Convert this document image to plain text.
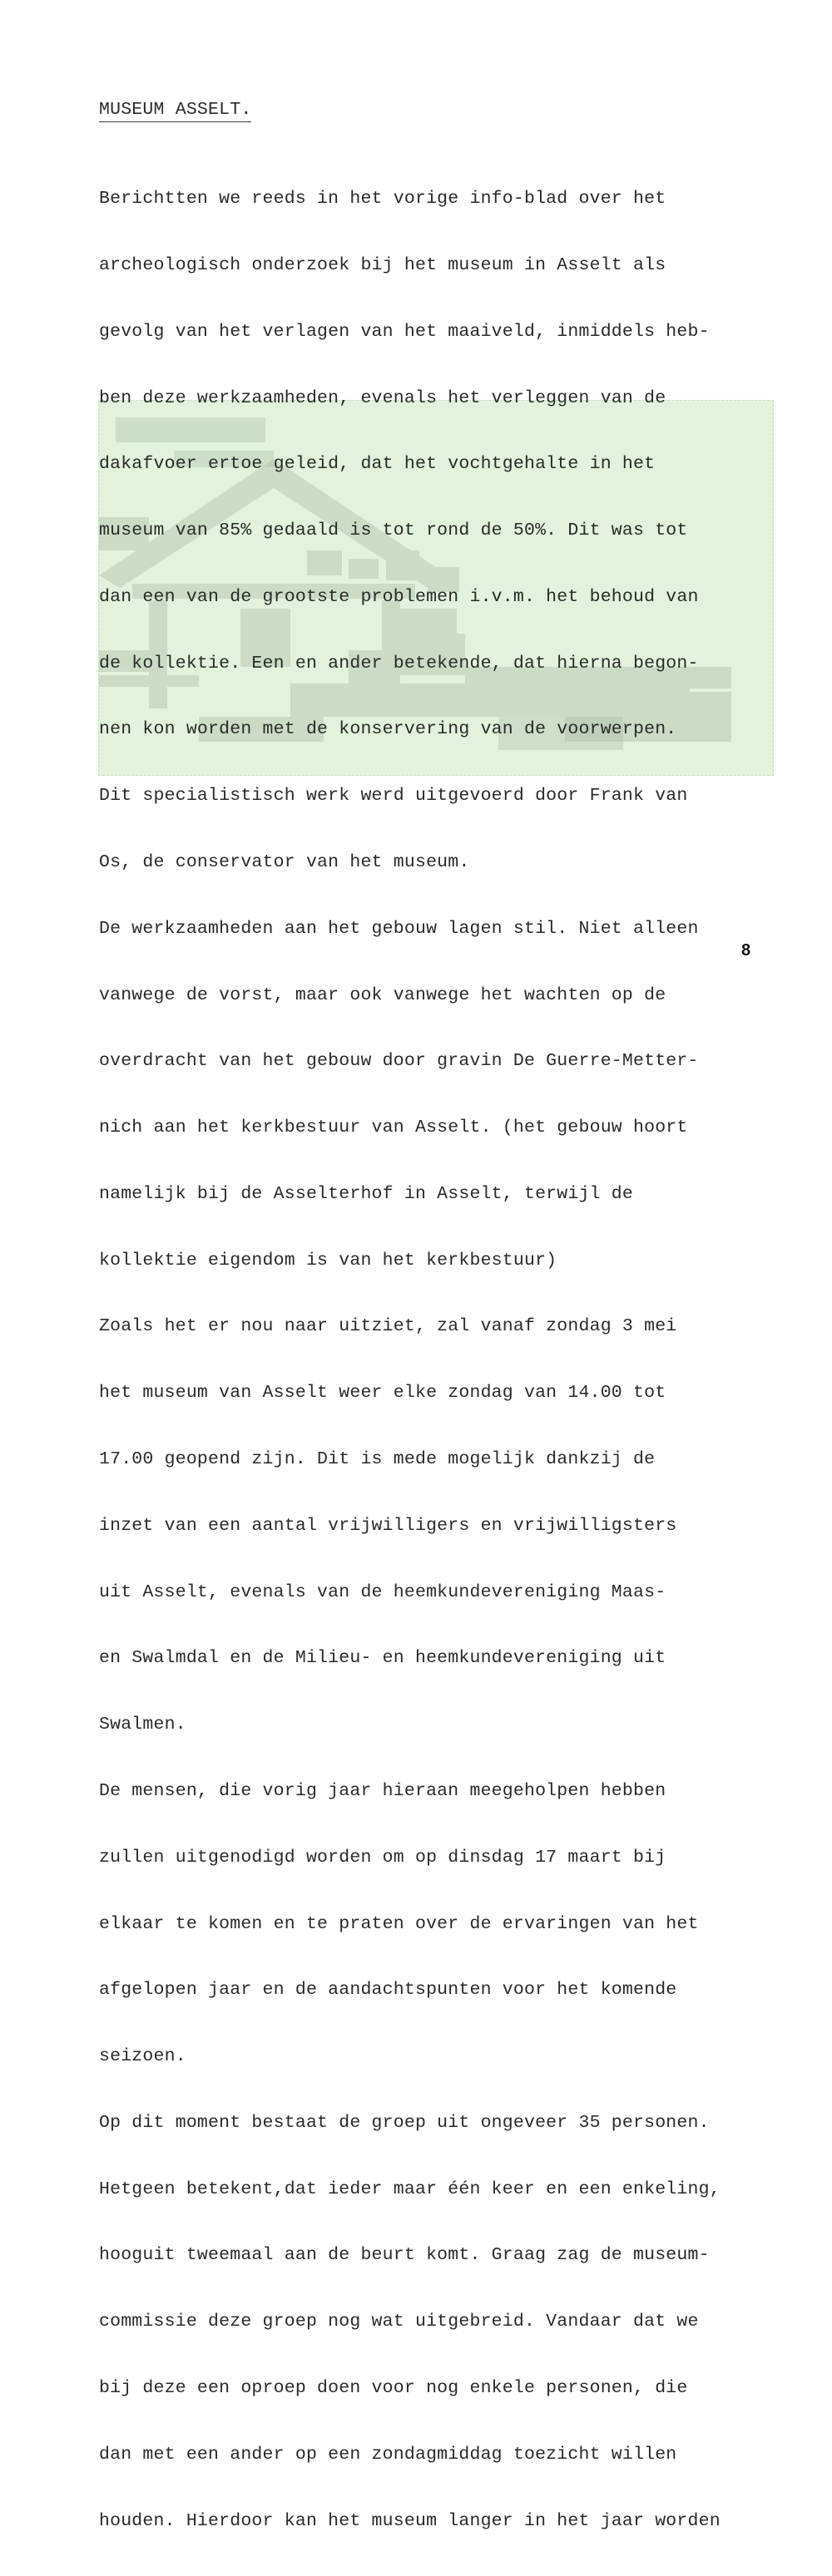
MUSEUM ASSELT.

Berichtten we reeds in het vorige info-blad over het

archeologisch onderzoek bij het museum in Asselt als

gevolg van het verlagen van het maaiveld, inmiddels heb-

ben deze werkzaamheden, evenals het verleggen van de

dakafvoer ertoe geleid, dat het vochtgehalte in het

museum van 85% gedaald is tot rond de 50%. Dit was tot

dan een van de grootste problemen i.v.m. het behoud van

de kollektie. Een en ander betekende, dat hierna begon-

nen kon worden met de konservering van de voorwerpen.

Dit specialistisch werk werd uitgevoerd door Frank van

Os, de conservator van het museum.

De werkzaamheden aan het gebouw lagen stil. Niet alleen

vanwege de vorst, maar ook vanwege het wachten op de

overdracht van het gebouw door gravin De Guerre-Metter-

nich aan het kerkbestuur van Asselt. (het gebouw hoort

namelijk bij de Asselterhof in Asselt, terwijl de

kollektie eigendom is van het kerkbestuur)

Zoals het er nou naar uitziet, zal vanaf zondag 3 mei

het museum van Asselt weer elke zondag van 14.00 tot

17.00 geopend zijn. Dit is mede mogelijk dankzij de

inzet van een aantal vrijwilligers en vrijwilligsters

uit Asselt, evenals van de heemkundevereniging Maas-

en Swalmdal en de Milieu- en heemkundevereniging uit

Swalmen.

De mensen, die vorig jaar hieraan meegeholpen hebben

zullen uitgenodigd worden om op dinsdag 17 maart bij

elkaar te komen en te praten over de ervaringen van het

afgelopen jaar en de aandachtspunten voor het komende

seizoen.

Op dit moment bestaat de groep uit ongeveer 35 personen.

Hetgeen betekent,dat ieder maar één keer en een enkeling,

hooguit tweemaal aan de beurt komt. Graag zag de museum-

commissie deze groep nog wat uitgebreid. Vandaar dat we

bij deze een oproep doen voor nog enkele personen, die

dan met een ander op een zondagmiddag toezicht willen

houden. Hierdoor kan het museum langer in het jaar worden

8
